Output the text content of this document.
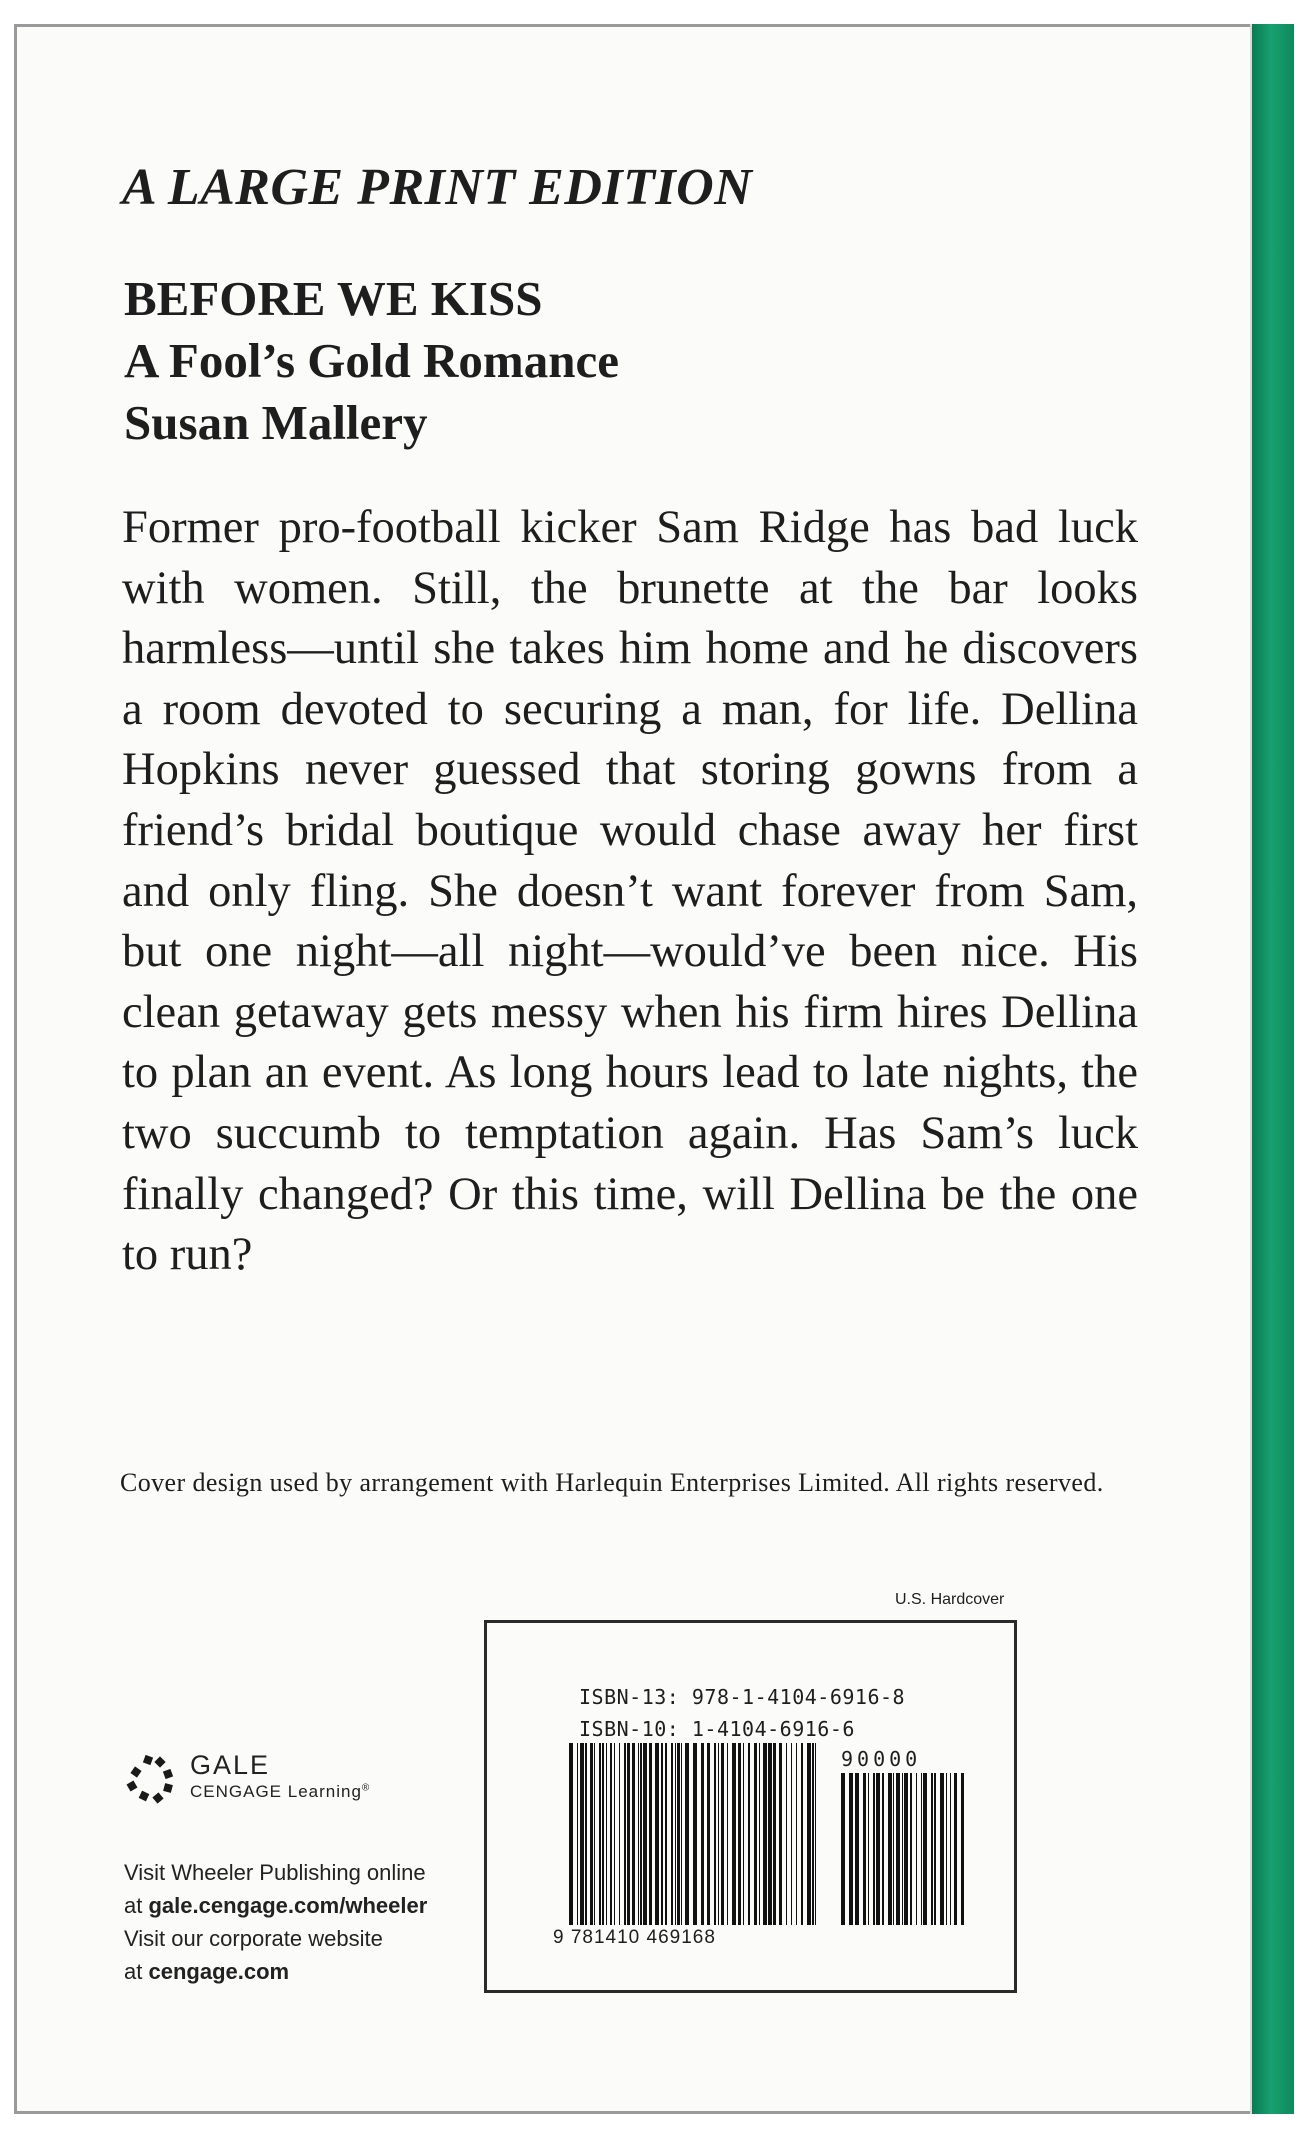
A LARGE PRINT EDITION
BEFORE WE KISS
A Fool’s Gold Romance
Susan Mallery

Former pro-football kicker Sam Ridge has bad luck with women. Still, the brunette at the bar looks harmless—until she takes him home and he discovers a room devoted to securing a man, for life. Dellina Hopkins never guessed that storing gowns from a friend’s bridal boutique would chase away her first and only fling. She doesn’t want forever from Sam, but one night—all night—would’ve been nice. His clean getaway gets messy when his firm hires Dellina to plan an event. As long hours lead to late nights, the two succumb to temptation again. Has Sam’s luck finally changed? Or this time, will Dellina be the one to run?

Cover design used by arrangement with Harlequin Enterprises Limited. All rights reserved.

U.S. Hardcover
ISBN-13: 978-1-4104-6916-8
ISBN-10: 1-4104-6916-6
90000
9 781410 469168
GALE
CENGAGE Learning®
Visit Wheeler Publishing online
at gale.cengage.com/wheeler
Visit our corporate website
at cengage.com
